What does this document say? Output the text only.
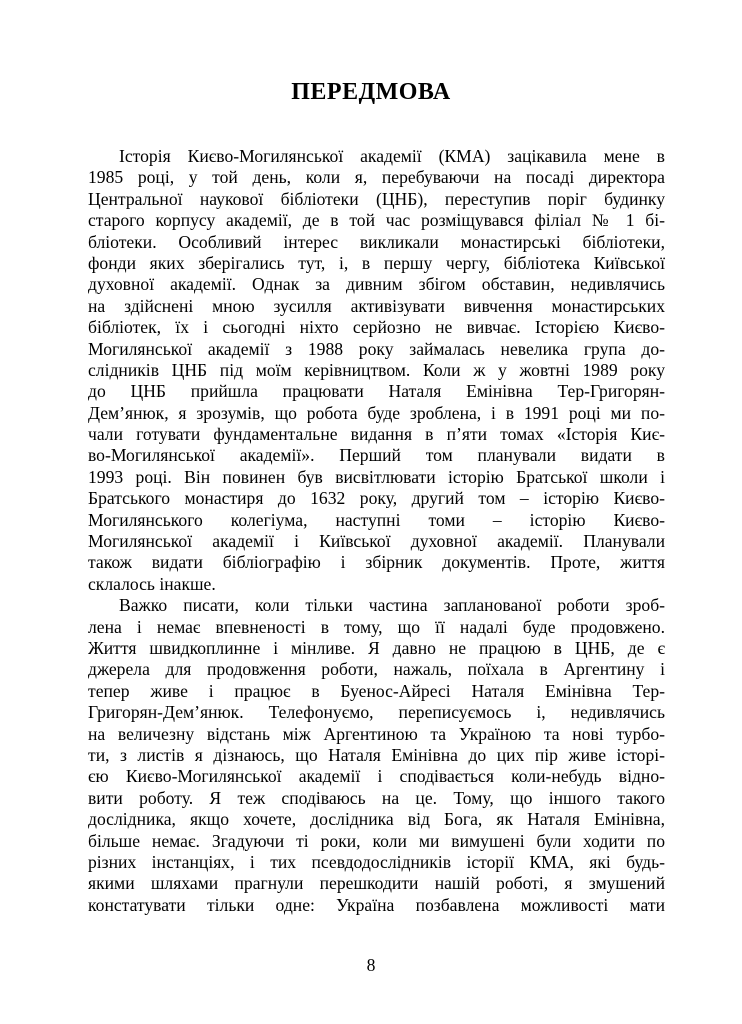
ПЕРЕДМОВА
Історія Києво-Могилянської академії (КМА) зацікавила мене в
1985 році, у той день, коли я, перебуваючи на посаді директора
Центральної наукової бібліотеки (ЦНБ), переступив поріг будинку
старого корпусу академії, де в той час розміщувався філіал № 1 бі-
бліотеки. Особливий інтерес викликали монастирські бібліотеки,
фонди яких зберігались тут, і, в першу чергу, бібліотека Київської
духовної академії. Однак за дивним збігом обставин, недивлячись
на здійснені мною зусилля активізувати вивчення монастирських
бібліотек, їх і сьогодні ніхто серйозно не вивчає. Історією Києво-
Могилянської академії з 1988 року займалась невелика група до-
слідників ЦНБ під моїм керівництвом. Коли ж у жовтні 1989 року
до ЦНБ прийшла працювати Наталя Емінівна Тер-Григорян-
Дем’янюк, я зрозумів, що робота буде зроблена, і в 1991 році ми по-
чали готувати фундаментальне видання в п’яти томах «Історія Киє-
во-Могилянської академії». Перший том планували видати в
1993 році. Він повинен був висвітлювати історію Братської школи і
Братського монастиря до 1632 року, другий том – історію Києво-
Могилянського колегіума, наступні томи – історію Києво-
Могилянської академії і Київської духовної академії. Планували
також видати бібліографію і збірник документів. Проте, життя
склалось інакше.
Важко писати, коли тільки частина запланованої роботи зроб-
лена і немає впевненості в тому, що її надалі буде продовжено.
Життя швидкоплинне і мінливе. Я давно не працюю в ЦНБ, де є
джерела для продовження роботи, нажаль, поїхала в Аргентину і
тепер живе і працює в Буенос-Айресі Наталя Емінівна Тер-
Григорян-Дем’янюк. Телефонуємо, переписуємось і, недивлячись
на величезну відстань між Аргентиною та Україною та нові турбо-
ти, з листів я дізнаюсь, що Наталя Емінівна до цих пір живе історі-
єю Києво-Могилянської академії і сподівається коли-небудь відно-
вити роботу. Я теж сподіваюсь на це. Тому, що іншого такого
дослідника, якщо хочете, дослідника від Бога, як Наталя Емінівна,
більше немає. Згадуючи ті роки, коли ми вимушені були ходити по
різних інстанціях, і тих псевдодослідників історії КМА, які будь-
якими шляхами прагнули перешкодити нашій роботі, я змушений
констатувати тільки одне: Україна позбавлена можливості мати
8
